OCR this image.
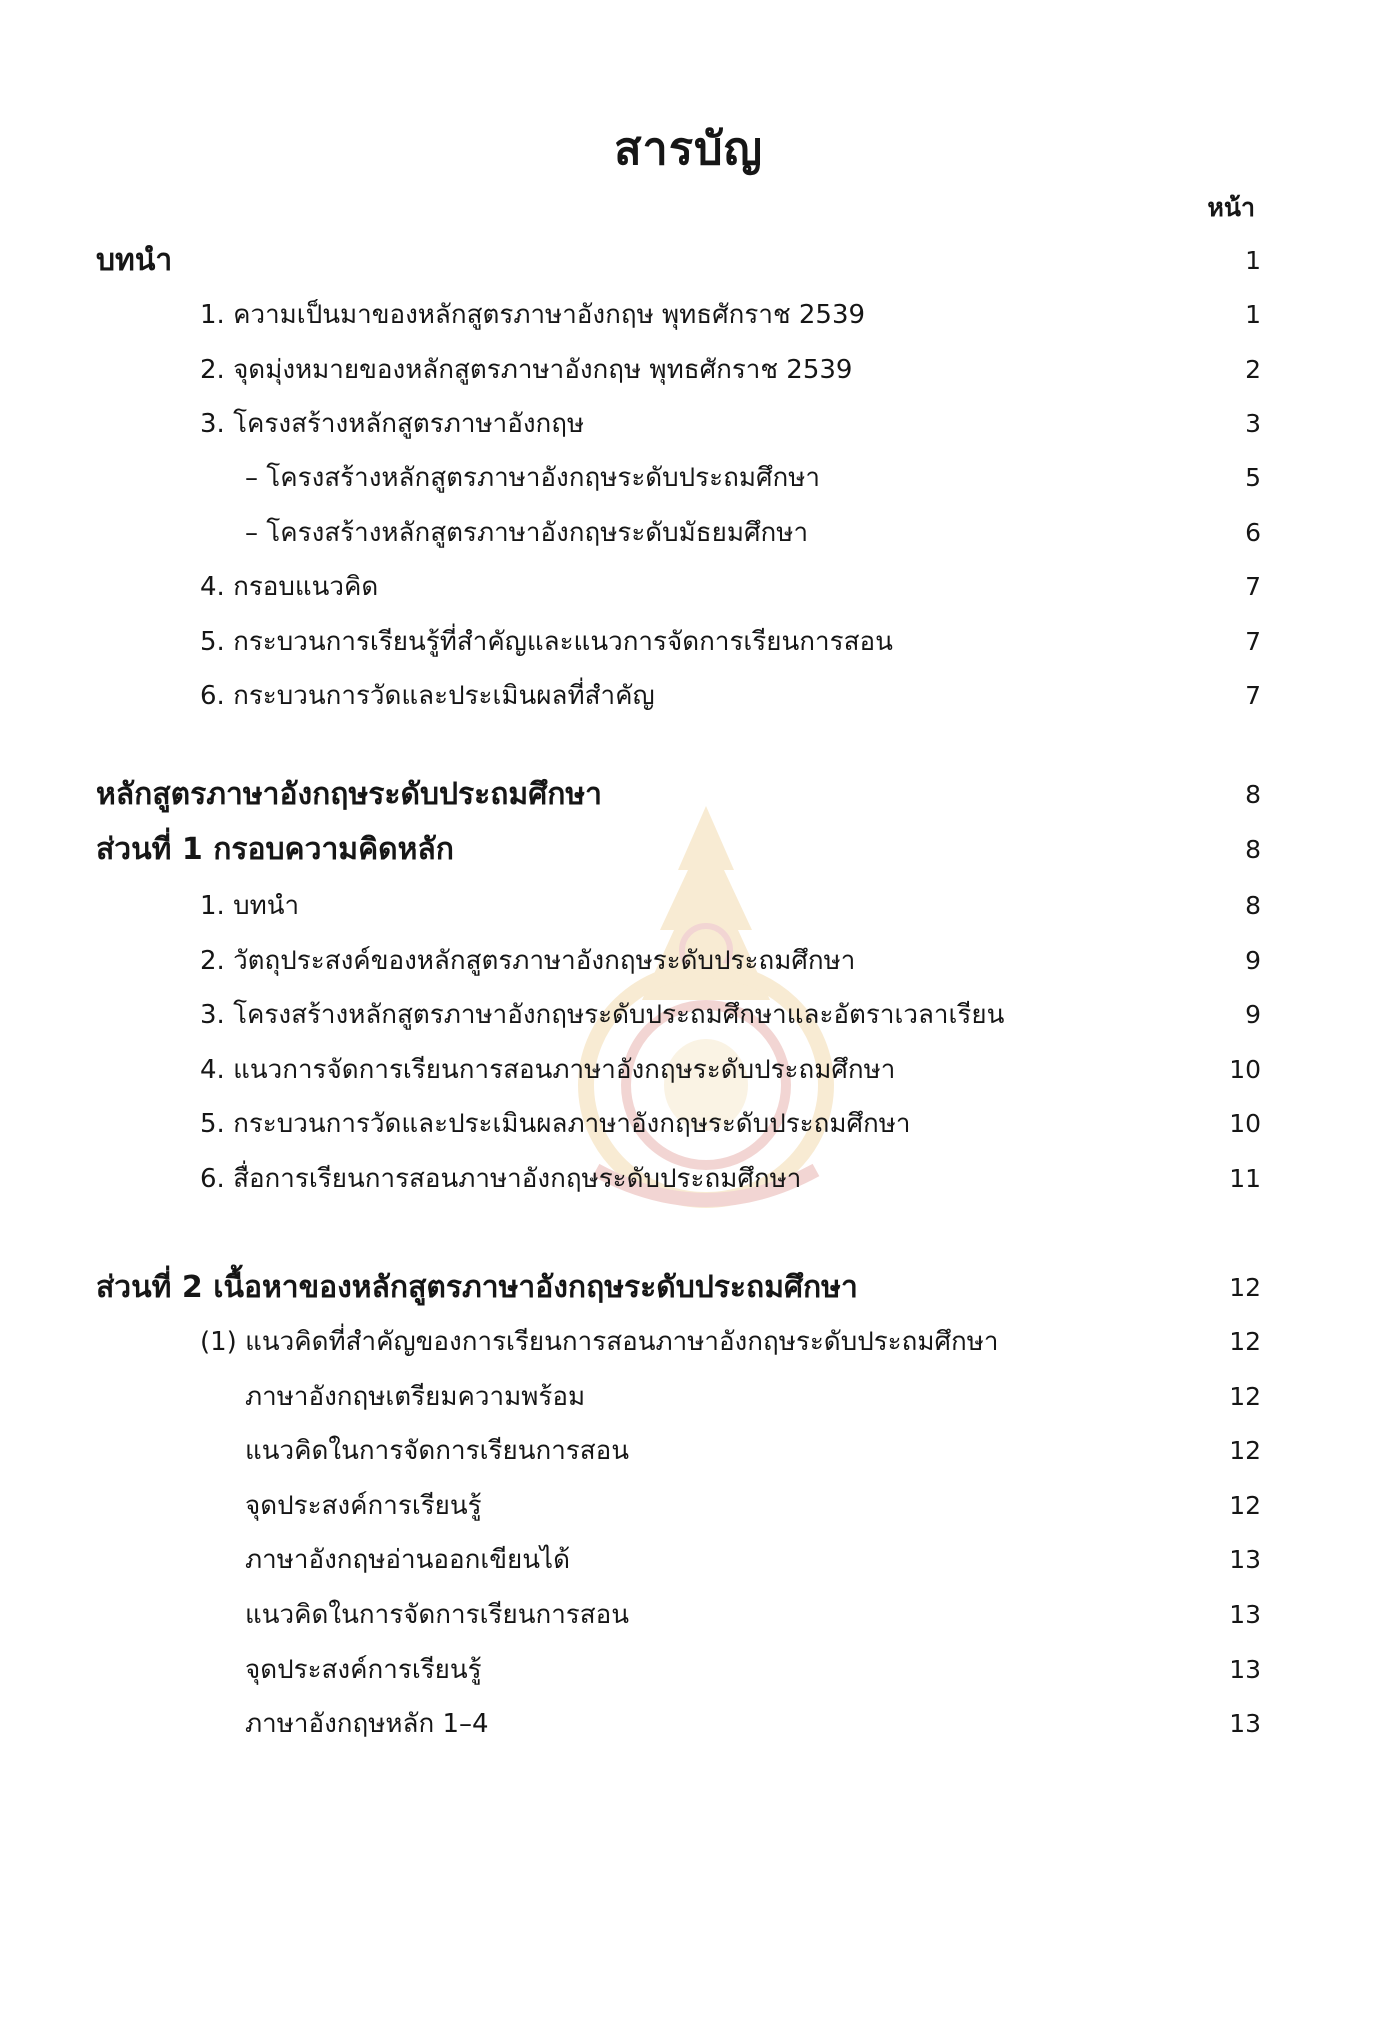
สารบัญ
หน้า
บทนำ	1
1. ความเป็นมาของหลักสูตรภาษาอังกฤษ พุทธศักราช 2539	1
2. จุดมุ่งหมายของหลักสูตรภาษาอังกฤษ พุทธศักราช 2539	2
3. โครงสร้างหลักสูตรภาษาอังกฤษ	3
– โครงสร้างหลักสูตรภาษาอังกฤษระดับประถมศึกษา	5
– โครงสร้างหลักสูตรภาษาอังกฤษระดับมัธยมศึกษา	6
4. กรอบแนวคิด	7
5. กระบวนการเรียนรู้ที่สำคัญและแนวการจัดการเรียนการสอน	7
6. กระบวนการวัดและประเมินผลที่สำคัญ	7
หลักสูตรภาษาอังกฤษระดับประถมศึกษา	8
ส่วนที่ 1 กรอบความคิดหลัก	8
1. บทนำ	8
2. วัตถุประสงค์ของหลักสูตรภาษาอังกฤษระดับประถมศึกษา	9
3. โครงสร้างหลักสูตรภาษาอังกฤษระดับประถมศึกษาและอัตราเวลาเรียน	9
4. แนวการจัดการเรียนการสอนภาษาอังกฤษระดับประถมศึกษา	10
5. กระบวนการวัดและประเมินผลภาษาอังกฤษระดับประถมศึกษา	10
6. สื่อการเรียนการสอนภาษาอังกฤษระดับประถมศึกษา	11
ส่วนที่ 2 เนื้อหาของหลักสูตรภาษาอังกฤษระดับประถมศึกษา	12
(1) แนวคิดที่สำคัญของการเรียนการสอนภาษาอังกฤษระดับประถมศึกษา	12
ภาษาอังกฤษเตรียมความพร้อม	12
แนวคิดในการจัดการเรียนการสอน	12
จุดประสงค์การเรียนรู้	12
ภาษาอังกฤษอ่านออกเขียนได้	13
แนวคิดในการจัดการเรียนการสอน	13
จุดประสงค์การเรียนรู้	13
ภาษาอังกฤษหลัก 1–4	13
